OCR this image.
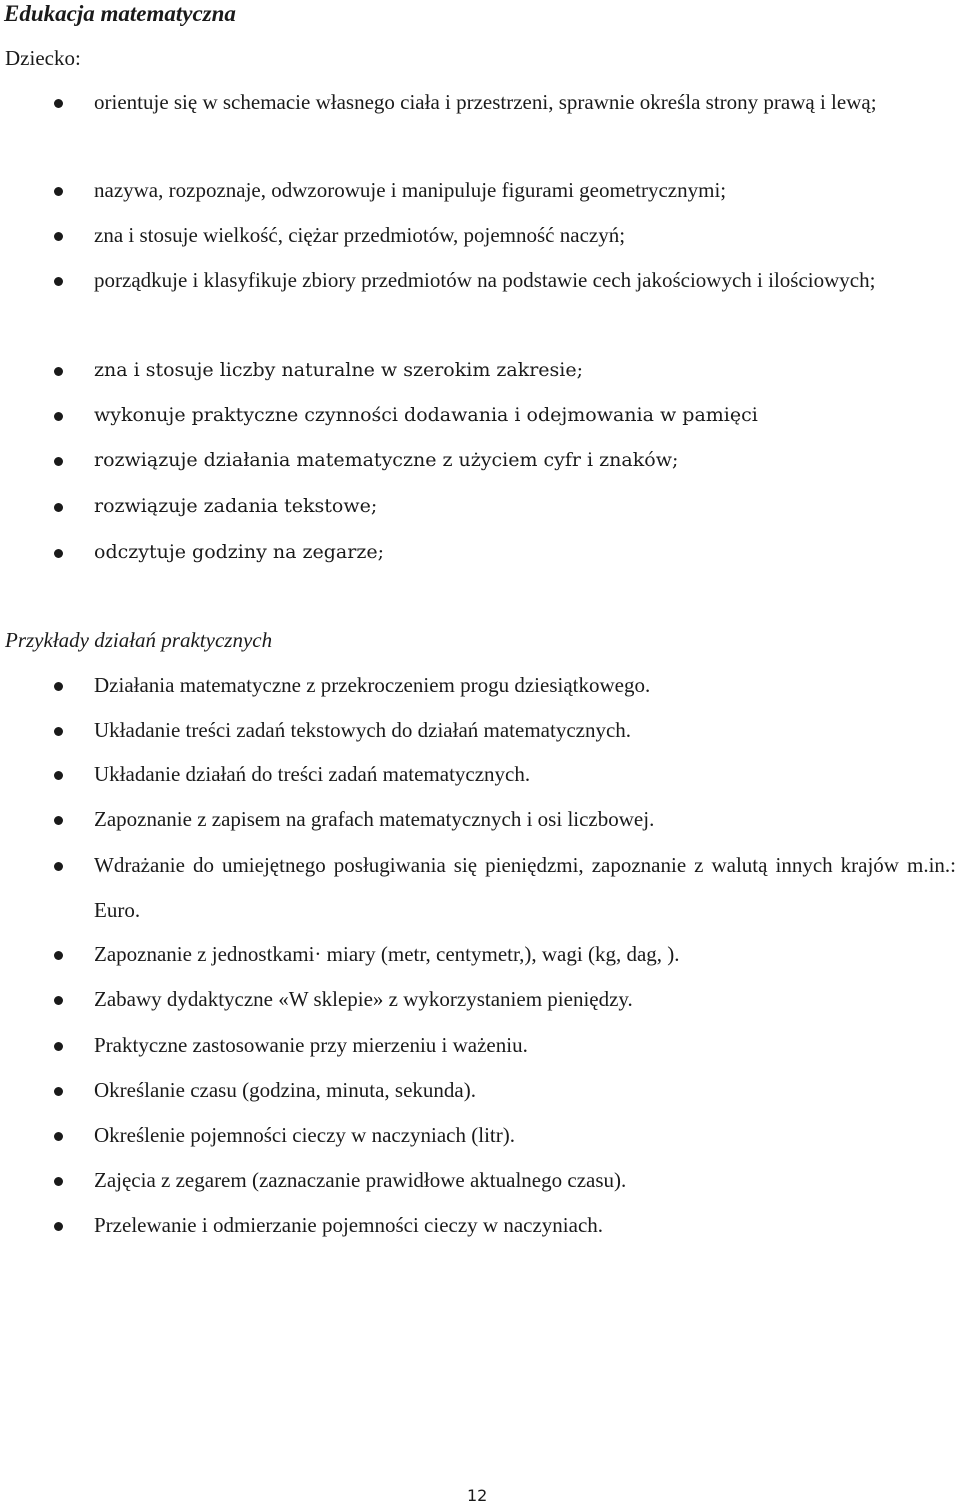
Edukacja matematyczna
Dziecko:
orientuje się w schemacie własnego ciała i przestrzeni, sprawnie określa strony prawą i lewą;
nazywa, rozpoznaje, odwzorowuje i manipuluje figurami geometrycznymi;
zna i stosuje wielkość, ciężar przedmiotów, pojemność naczyń;
porządkuje i klasyfikuje zbiory przedmiotów na podstawie cech jakościowych i ilościowych;
zna i stosuje liczby naturalne w szerokim zakresie;
wykonuje praktyczne czynności dodawania i odejmowania w pamięci
rozwiązuje działania matematyczne z użyciem cyfr i znaków;
rozwiązuje zadania tekstowe;
odczytuje godziny na zegarze;
Przykłady działań praktycznych
Działania matematyczne z przekroczeniem progu dziesiątkowego.
Układanie treści zadań tekstowych do działań matematycznych.
Układanie działań do treści zadań matematycznych.
Zapoznanie z zapisem na grafach matematycznych i osi liczbowej.
Wdrażanie do umiejętnego posługiwania się pieniędzmi, zapoznanie z walutą innych krajów m.in.: Euro.
Zapoznanie z jednostkami· miary (metr, centymetr,), wagi (kg, dag, ).
Zabawy dydaktyczne «W sklepie» z wykorzystaniem pieniędzy.
Praktyczne zastosowanie przy mierzeniu i ważeniu.
Określanie czasu (godzina, minuta, sekunda).
Określenie pojemności cieczy w naczyniach (litr).
Zajęcia z zegarem (zaznaczanie prawidłowe aktualnego czasu).
Przelewanie i odmierzanie pojemności cieczy w naczyniach.
12
